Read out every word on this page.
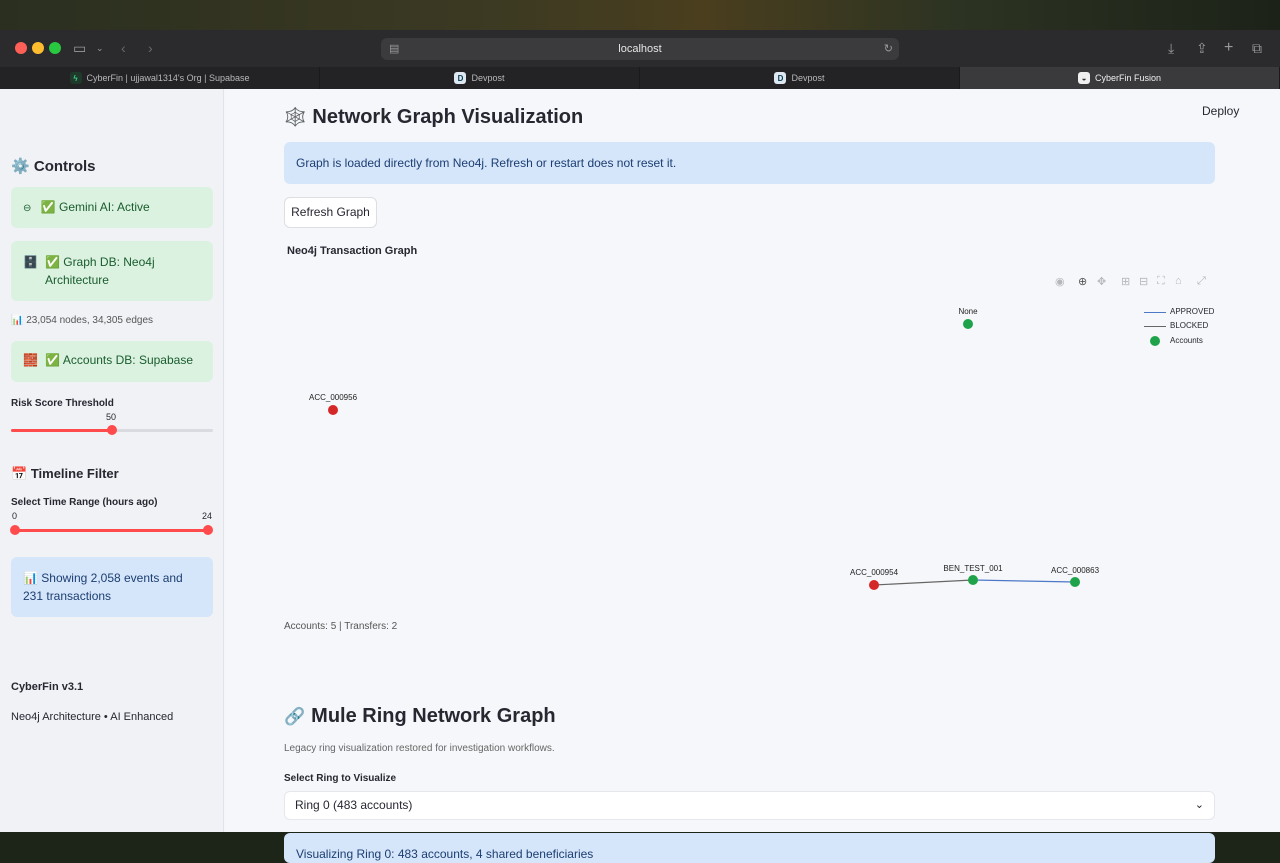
▭ ⌄ ‹ ›	▤	localhost	↻	⤓ ⇪ + ⧉
ϟ CyberFin | ujjawal1314's Org | Supabase	D Devpost	D Devpost	◒ CyberFin Fusion
⚙️ Controls
⊖ ✅ Gemini AI: Active
🗄️ ✅ Graph DB: Neo4j Architecture
📊 23,054 nodes, 34,305 edges
🧱 ✅ Accounts DB: Supabase
Risk Score Threshold
50
📅 Timeline Filter
Select Time Range (hours ago)
0	24
📊 Showing 2,058 events and 231 transactions
CyberFin v3.1
Neo4j Architecture • AI Enhanced
Deploy
🕸️ Network Graph Visualization
Graph is loaded directly from Neo4j. Refresh or restart does not reset it.
Refresh Graph
Neo4j Transaction Graph
◉ ⊕ ✥ ⊞ ⊟ ⛶ ⌂ ⤢
APPROVED
BLOCKED
Accounts
None
ACC_000956
ACC_000954	BEN_TEST_001	ACC_000863
Accounts: 5 | Transfers: 2
🔗 Mule Ring Network Graph
Legacy ring visualization restored for investigation workflows.
Select Ring to Visualize
Ring 0 (483 accounts)	⌄
Visualizing Ring 0: 483 accounts, 4 shared beneficiaries
